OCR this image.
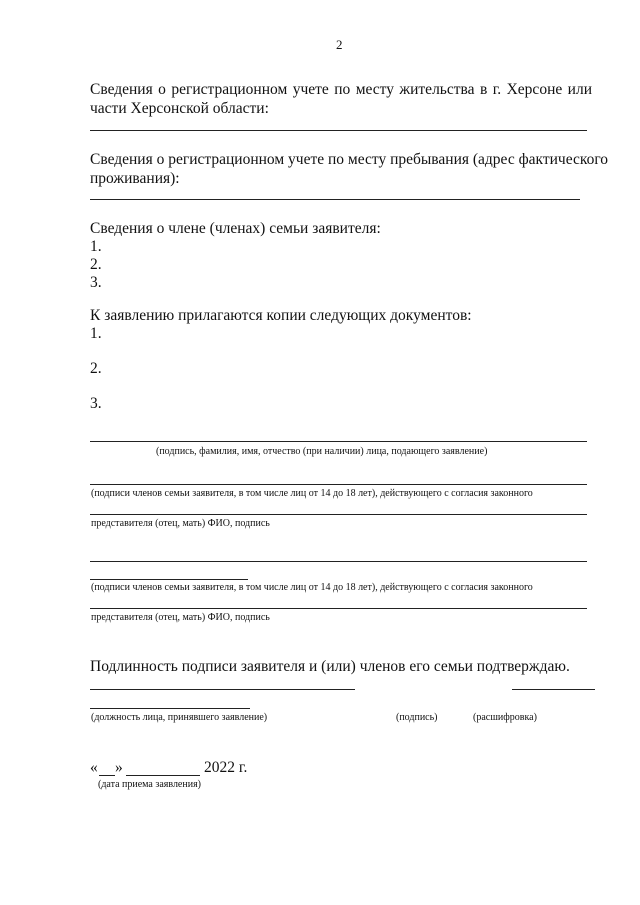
2
Сведения о регистрационном учете по месту жительства в г. Херсоне или
части Херсонской области:
Сведения о регистрационном учете по месту пребывания (адрес фактического
проживания):
Сведения о члене (членах) семьи заявителя:
1.
2.
3.
К заявлению прилагаются копии следующих документов:
1.
2.
3.
(подпись, фамилия, имя, отчество (при наличии) лица, подающего заявление)
(подписи членов семьи заявителя, в том числе лиц от 14 до 18 лет), действующего с согласия законного
представителя (отец, мать) ФИО, подпись
(подписи членов семьи заявителя, в том числе лиц от 14 до 18 лет), действующего с согласия законного
представителя (отец, мать) ФИО, подпись
Подлинность подписи заявителя и (или) членов его семьи подтверждаю.
(должность лица, принявшего заявление)	(подпись)	(расшифровка)
« »	2022 г.
(дата приема заявления)
